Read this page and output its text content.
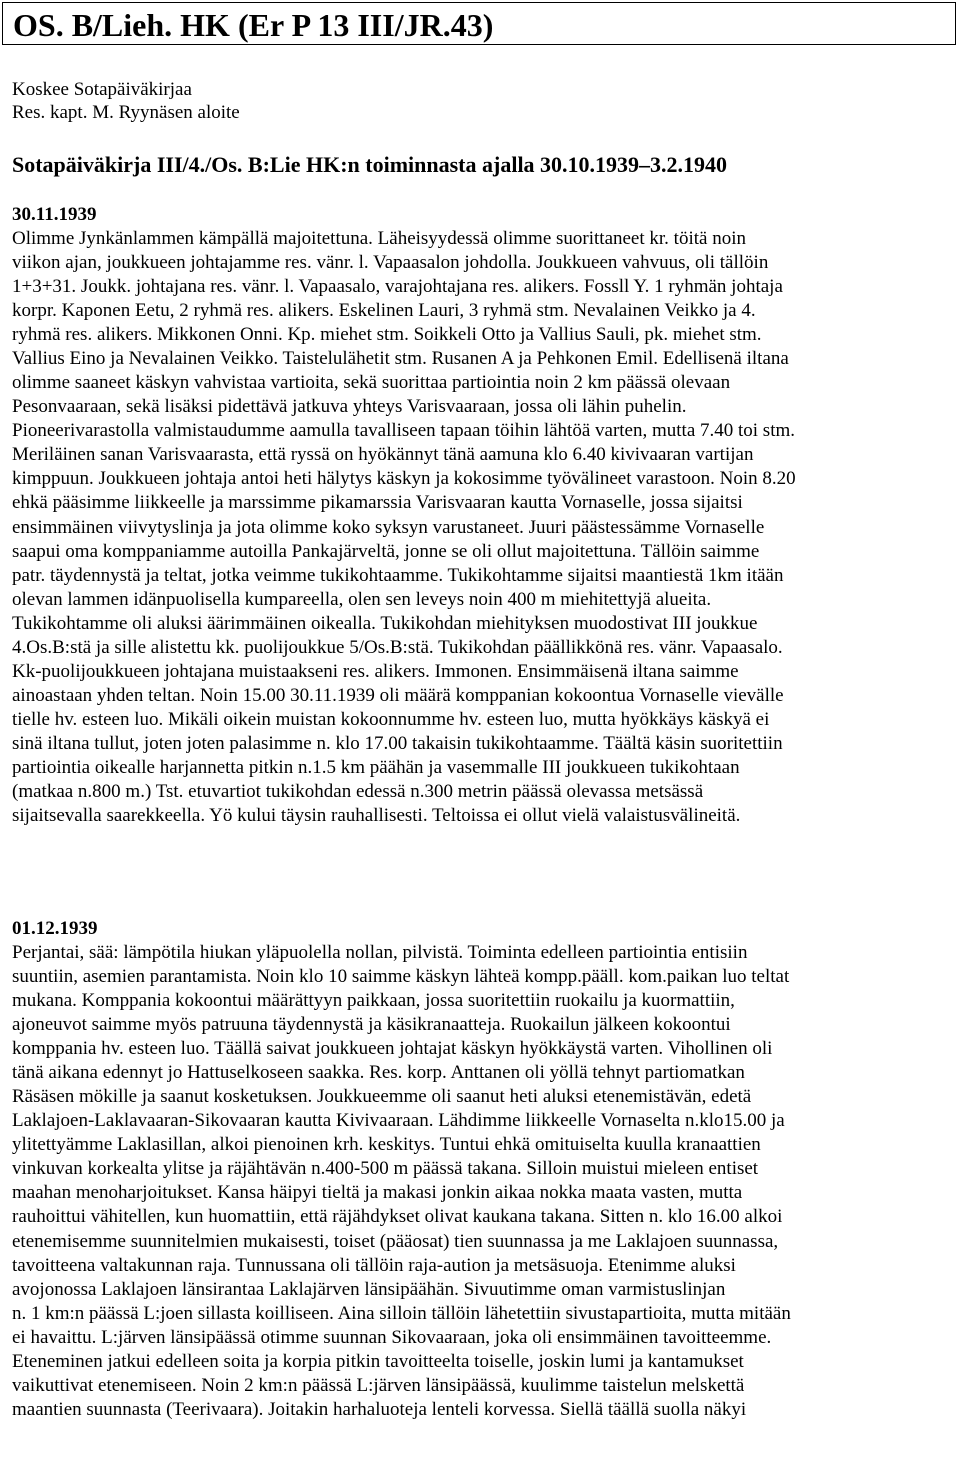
OS. B/Lieh. HK (Er P 13 III/JR.43)
Koskee Sotapäiväkirjaa
Res. kapt. M. Ryynäsen aloite
Sotapäiväkirja III/4./Os. B:Lie HK:n toiminnasta ajalla 30.10.1939–3.2.1940
30.11.1939
Olimme Jynkänlammen kämpällä majoitettuna. Läheisyydessä olimme suorittaneet kr. töitä noin
viikon ajan, joukkueen johtajamme res. vänr. l. Vapaasalon johdolla. Joukkueen vahvuus, oli tällöin
1+3+31. Joukk. johtajana res. vänr. l. Vapaasalo, varajohtajana res. alikers. Fossll Y. 1 ryhmän johtaja
korpr. Kaponen Eetu, 2 ryhmä res. alikers. Eskelinen Lauri, 3 ryhmä stm. Nevalainen Veikko ja 4.
ryhmä res. alikers. Mikkonen Onni. Kp. miehet stm. Soikkeli Otto ja Vallius Sauli, pk. miehet stm.
Vallius Eino ja Nevalainen Veikko. Taistelulähetit stm. Rusanen A ja Pehkonen Emil. Edellisenä iltana
olimme saaneet käskyn vahvistaa vartioita, sekä suorittaa partiointia noin 2 km päässä olevaan
Pesonvaaraan, sekä lisäksi pidettävä jatkuva yhteys Varisvaaraan, jossa oli lähin puhelin.
Pioneerivarastolla valmistaudumme aamulla tavalliseen tapaan töihin lähtöä varten, mutta 7.40 toi stm.
Meriläinen sanan Varisvaarasta, että ryssä on hyökännyt tänä aamuna klo 6.40 kivivaaran vartijan
kimppuun. Joukkueen johtaja antoi heti hälytys käskyn ja kokosimme työvälineet varastoon. Noin 8.20
ehkä pääsimme liikkeelle ja marssimme pikamarssia Varisvaaran kautta Vornaselle, jossa sijaitsi
ensimmäinen viivytyslinja ja jota olimme koko syksyn varustaneet. Juuri päästessämme Vornaselle
saapui oma komppaniamme autoilla Pankajärveltä, jonne se oli ollut majoitettuna. Tällöin saimme
patr. täydennystä ja teltat, jotka veimme tukikohtaamme. Tukikohtamme sijaitsi maantiestä 1km itään
olevan lammen idänpuolisella kumpareella, olen sen leveys noin 400 m miehitettyjä alueita.
Tukikohtamme oli aluksi äärimmäinen oikealla. Tukikohdan miehityksen muodostivat III joukkue
4.Os.B:stä ja sille alistettu kk. puolijoukkue 5/Os.B:stä. Tukikohdan päällikkönä res. vänr. Vapaasalo.
Kk-puolijoukkueen johtajana muistaakseni res. alikers. Immonen. Ensimmäisenä iltana saimme
ainoastaan yhden teltan. Noin 15.00 30.11.1939 oli määrä komppanian kokoontua Vornaselle vievälle
tielle hv. esteen luo. Mikäli oikein muistan kokoonnumme hv. esteen luo, mutta hyökkäys käskyä ei
sinä iltana tullut, joten joten palasimme n. klo 17.00 takaisin tukikohtaamme. Täältä käsin suoritettiin
partiointia oikealle harjannetta pitkin n.1.5 km päähän ja vasemmalle III joukkueen tukikohtaan
(matkaa n.800 m.) Tst. etuvartiot tukikohdan edessä n.300 metrin päässä olevassa metsässä
sijaitsevalla saarekkeella. Yö kului täysin rauhallisesti. Teltoissa ei ollut vielä valaistusvälineitä.
01.12.1939
Perjantai, sää: lämpötila hiukan yläpuolella nollan, pilvistä. Toiminta edelleen partiointia entisiin
suuntiin, asemien parantamista. Noin klo 10 saimme käskyn lähteä kompp.pääll. kom.paikan luo teltat
mukana. Komppania kokoontui määrättyyn paikkaan, jossa suoritettiin ruokailu ja kuormattiin,
ajoneuvot saimme myös patruuna täydennystä ja käsikranaatteja. Ruokailun jälkeen kokoontui
komppania hv. esteen luo. Täällä saivat joukkueen johtajat käskyn hyökkäystä varten. Vihollinen oli
tänä aikana edennyt jo Hattuselkoseen saakka. Res. korp. Anttanen oli yöllä tehnyt partiomatkan
Räsäsen mökille ja saanut kosketuksen. Joukkueemme oli saanut heti aluksi etenemistävän, edetä
Laklajoen-Laklavaaran-Sikovaaran kautta Kivivaaraan. Lähdimme liikkeelle Vornaselta n.klo15.00 ja
ylitettyämme Laklasillan, alkoi pienoinen krh. keskitys. Tuntui ehkä omituiselta kuulla kranaattien
vinkuvan korkealta ylitse ja räjähtävän n.400-500 m päässä takana. Silloin muistui mieleen entiset
maahan menoharjoitukset. Kansa häipyi tieltä ja makasi jonkin aikaa nokka maata vasten, mutta
rauhoittui vähitellen, kun huomattiin, että räjähdykset olivat kaukana takana. Sitten n. klo 16.00 alkoi
etenemisemme suunnitelmien mukaisesti, toiset (pääosat) tien suunnassa ja me Laklajoen suunnassa,
tavoitteena valtakunnan raja. Tunnussana oli tällöin raja-aution ja metsäsuoja. Etenimme aluksi
avojonossa Laklajoen länsirantaa Laklajärven länsipäähän. Sivuutimme oman varmistuslinjan
n. 1 km:n päässä L:joen sillasta koilliseen. Aina silloin tällöin lähetettiin sivustapartioita, mutta mitään
ei havaittu. L:järven länsipäässä otimme suunnan Sikovaaraan, joka oli ensimmäinen tavoitteemme.
Eteneminen jatkui edelleen soita ja korpia pitkin tavoitteelta toiselle, joskin lumi ja kantamukset
vaikuttivat etenemiseen. Noin 2 km:n päässä L:järven länsipäässä, kuulimme taistelun melskettä
maantien suunnasta (Teerivaara). Joitakin harhaluoteja lenteli korvessa. Siellä täällä suolla näkyi
